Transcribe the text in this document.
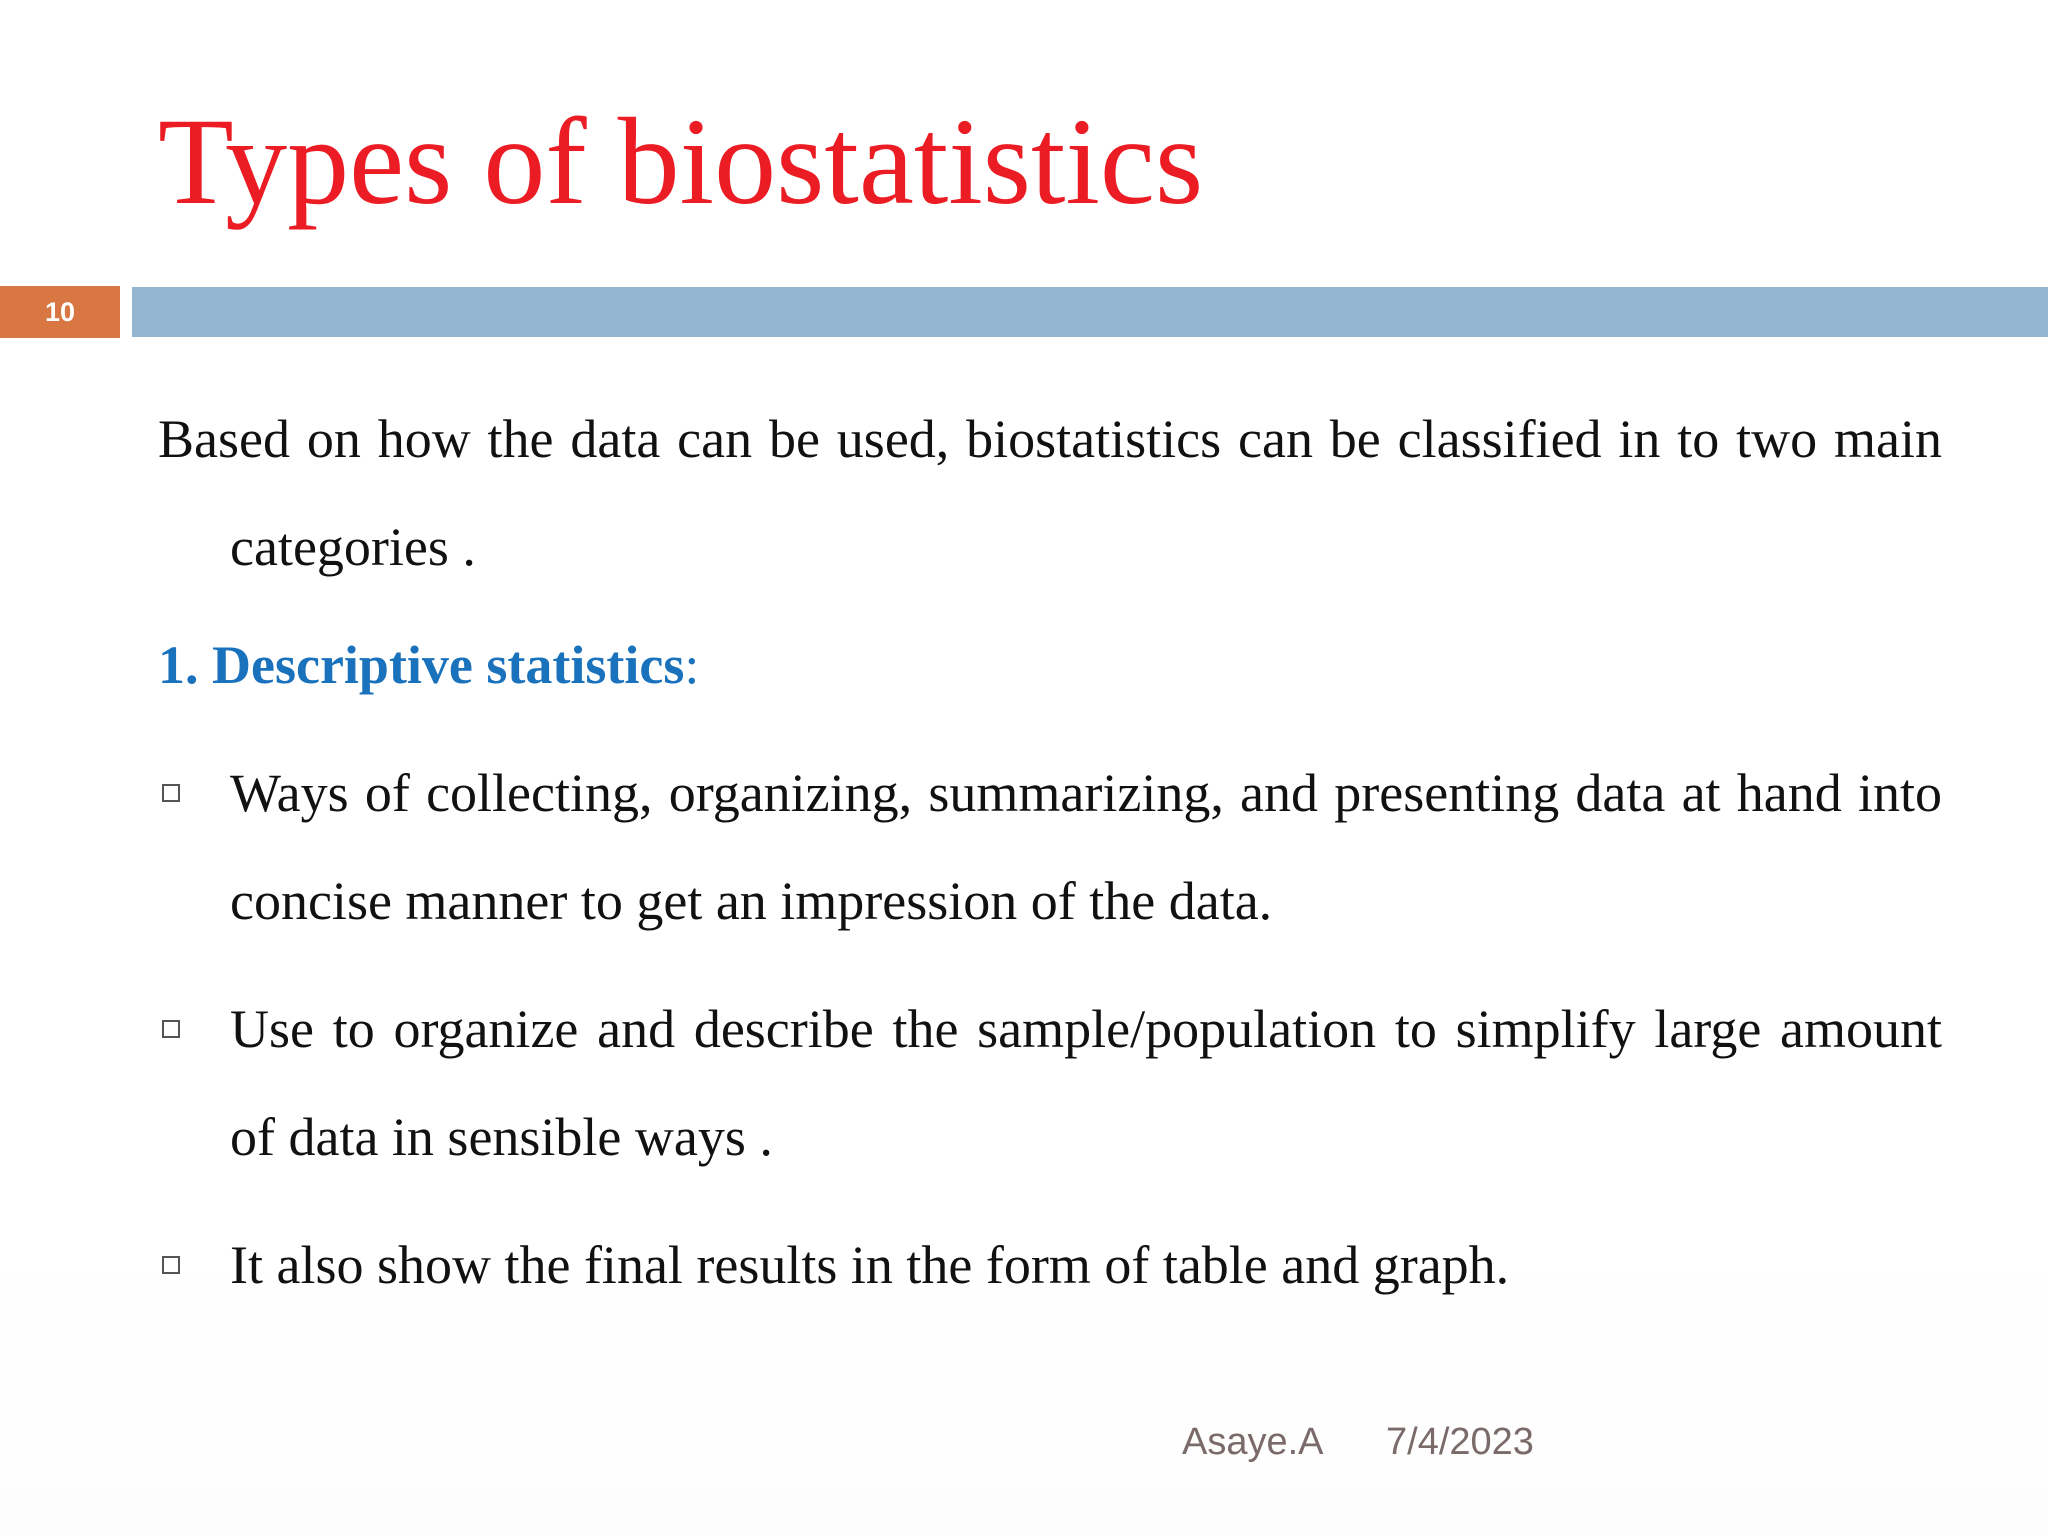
Types of biostatistics
10

Based on how the data can be used, biostatistics can be classified in to two main categories .

1. Descriptive statistics:

Ways of collecting, organizing, summarizing, and presenting data at hand into concise manner to get an impression of the data.

Use to organize and describe the sample/population to simplify large amount of data in sensible ways .

It also show the final results in the form of table and graph.

Asaye.A 7/4/2023
